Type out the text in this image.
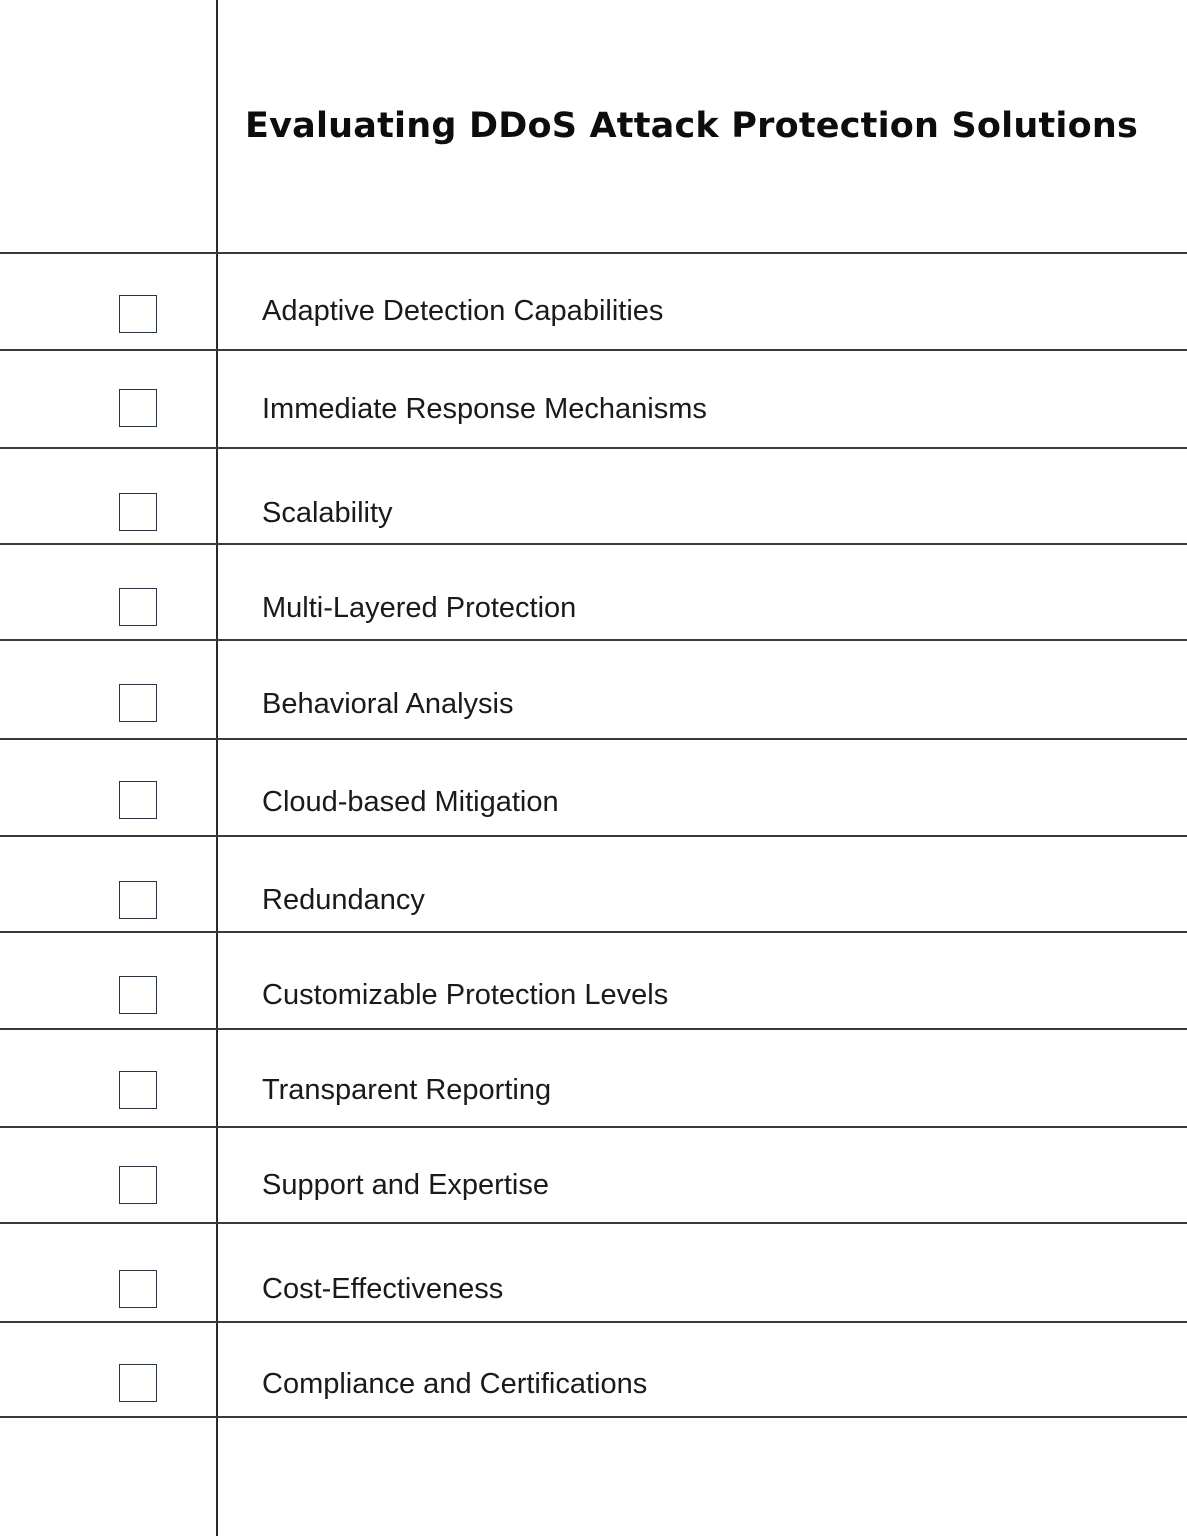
Evaluating DDoS Attack Protection Solutions
Adaptive Detection Capabilities
Immediate Response Mechanisms
Scalability
Multi-Layered Protection
Behavioral Analysis
Cloud-based Mitigation
Redundancy
Customizable Protection Levels
Transparent Reporting
Support and Expertise
Cost-Effectiveness
Compliance and Certifications
